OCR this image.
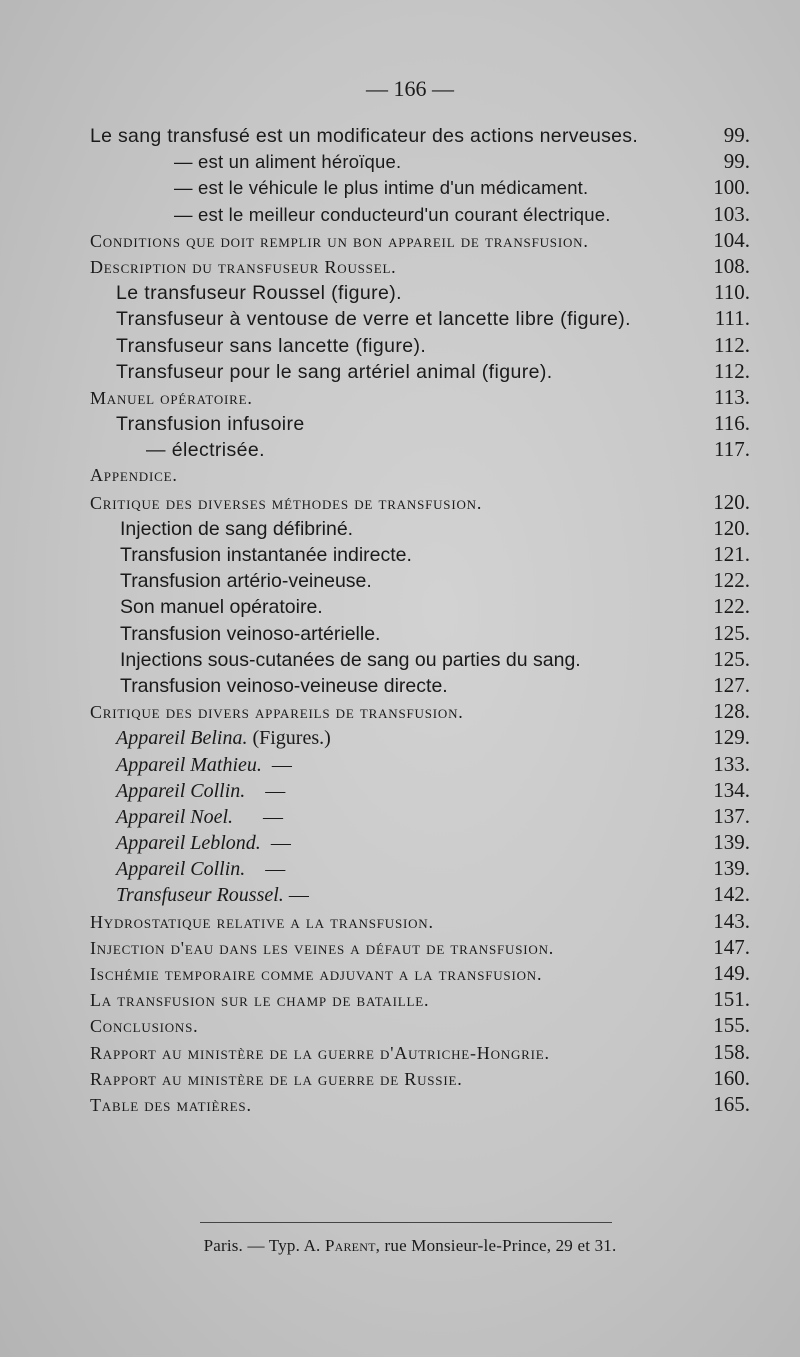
— 166 —
Le sang transfusé est un modificateur des actions nerveuses.	99.
— est un aliment héroïque.	99.
— est le véhicule le plus intime d'un médicament.	100.
— est le meilleur conducteurd'un courant électrique.	103.
Conditions que doit remplir un bon appareil de transfusion.	104.
Description du transfuseur Roussel.	108.
Le transfuseur Roussel (figure).	110.
Transfuseur à ventouse de verre et lancette libre (figure).	111.
Transfuseur sans lancette (figure).	112.
Transfuseur pour le sang artériel animal (figure).	112.
Manuel opératoire.	113.
Transfusion infusoire	116.
— électrisée.	117.
Appendice.
Critique des diverses méthodes de transfusion.	120.
Injection de sang défibriné.	120.
Transfusion instantanée indirecte.	121.
Transfusion artério-veineuse.	122.
Son manuel opératoire.	122.
Transfusion veinoso-artérielle.	125.
Injections sous-cutanées de sang ou parties du sang.	125.
Transfusion veinoso-veineuse directe.	127.
Critique des divers appareils de transfusion.	128.
Appareil Belina. (Figures.)	129.
Appareil Mathieu. —	133.
Appareil Collin. —	134.
Appareil Noel. —	137.
Appareil Leblond. —	139.
Appareil Collin. —	139.
Transfuseur Roussel. —	142.
Hydrostatique relative a la transfusion.	143.
Injection d'eau dans les veines a défaut de transfusion.	147.
Ischémie temporaire comme adjuvant a la transfusion.	149.
La transfusion sur le champ de bataille.	151.
Conclusions.	155.
Rapport au ministère de la guerre d'Autriche-Hongrie.	158.
Rapport au ministère de la guerre de Russie.	160.
Table des matières.	165.
Paris. — Typ. A. Parent, rue Monsieur-le-Prince, 29 et 31.
